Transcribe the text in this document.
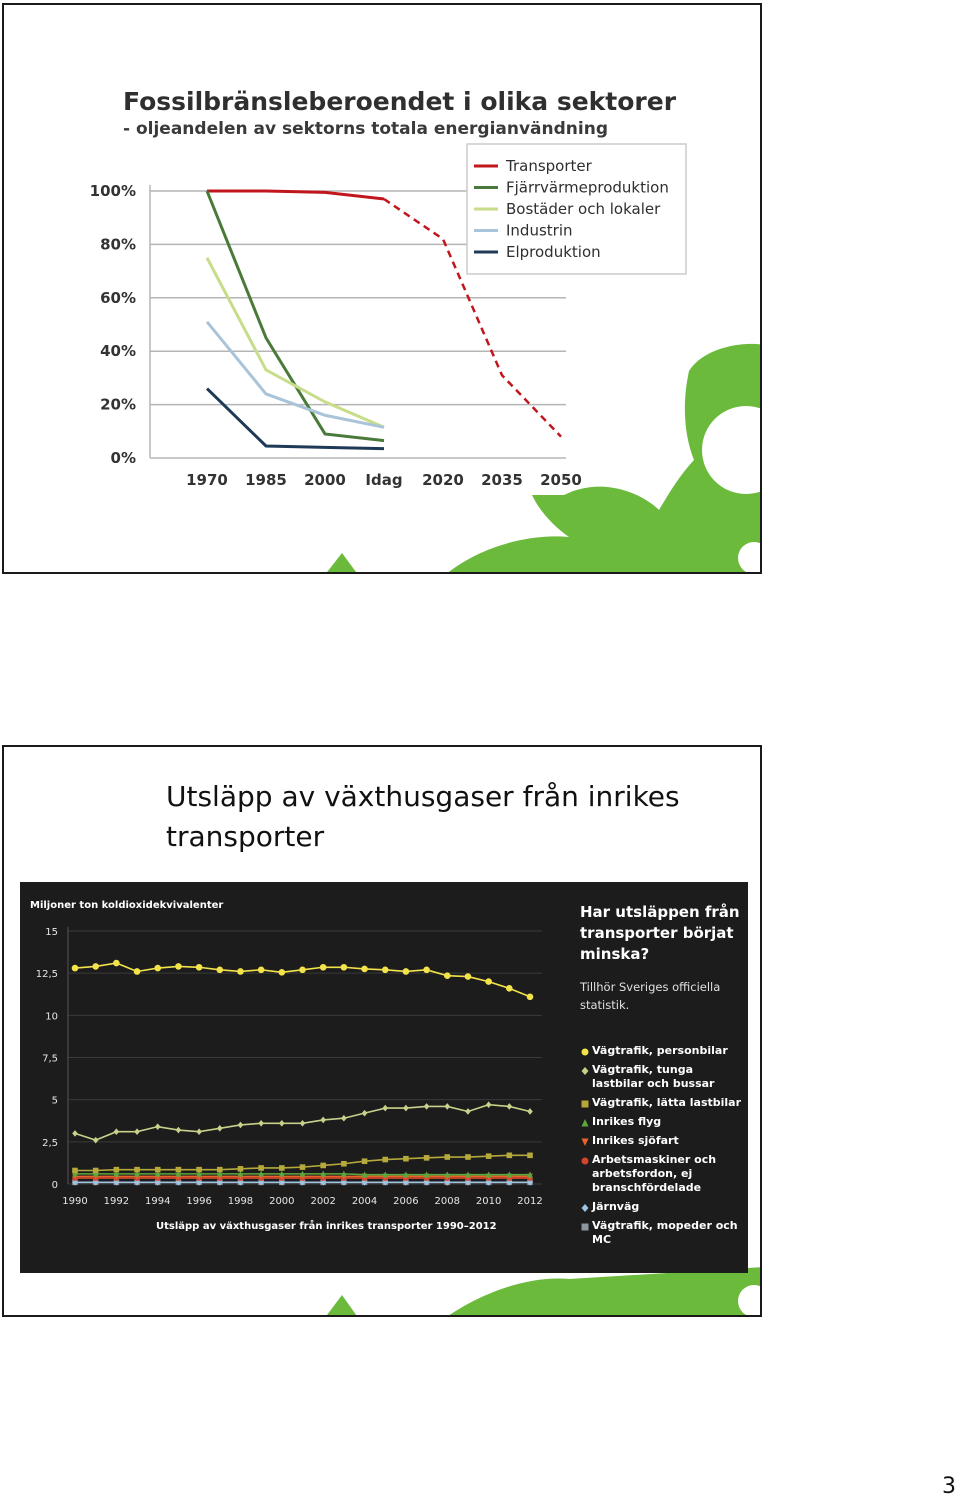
Fossilbränsleberoendet i olika sektorer
- oljeandelen av sektorns totala energianvändning
0%
20%
40%
60%
80%
100%
1970 1985 2000 Idag 2020 2035 2050
Transporter
Fjärrvärmeproduktion
Bostäder och lokaler
Industrin
Elproduktion
Utsläpp av växthusgaser från inrikes
transporter
Miljoner ton koldioxidekvivalenter
0
2,5
5
7,5
10
12,5
15
1990 1992 1994 1996 1998 2000 2002 2004 2006 2008 2010 2012
Utsläpp av växthusgaser från inrikes transporter 1990–2012
Har utsläppen från transporter börjat minska?
Tillhör Sveriges officiella statistik.
Vägtrafik, personbilar
Vägtrafik, tunga lastbilar och bussar
Vägtrafik, lätta lastbilar
Inrikes flyg
Inrikes sjöfart
Arbetsmaskiner och arbetsfordon, ej branschfördelade
Järnväg
Vägtrafik, mopeder och MC
3
